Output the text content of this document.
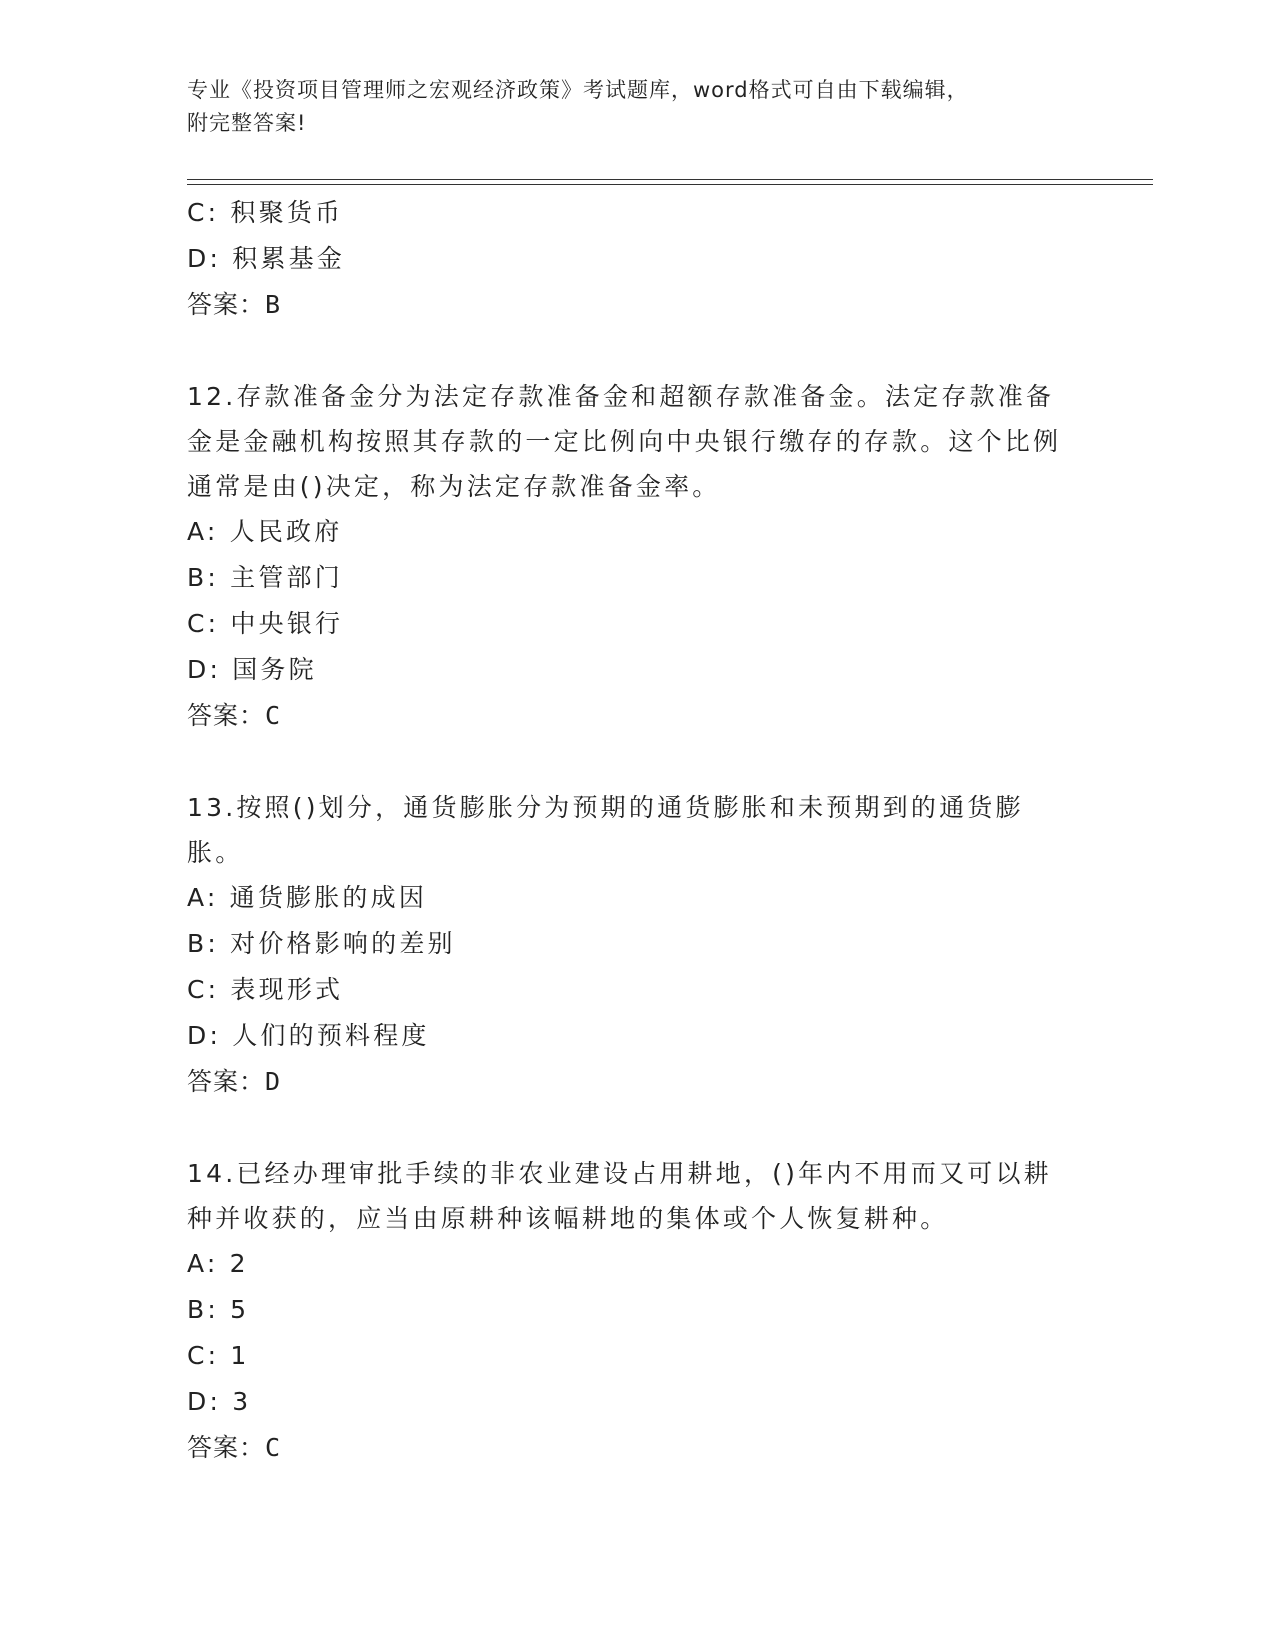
专业《投资项目管理师之宏观经济政策》考试题库，word格式可自由下载编辑，
附完整答案!
C: 积聚货币
D: 积累基金
答案：B
12.存款准备金分为法定存款准备金和超额存款准备金。法定存款准备金是金融机构按照其存款的一定比例向中央银行缴存的存款。这个比例通常是由()决定，称为法定存款准备金率。
A: 人民政府
B: 主管部门
C: 中央银行
D: 国务院
答案：C
13.按照()划分，通货膨胀分为预期的通货膨胀和未预期到的通货膨胀。
A: 通货膨胀的成因
B: 对价格影响的差别
C: 表现形式
D: 人们的预料程度
答案：D
14.已经办理审批手续的非农业建设占用耕地，()年内不用而又可以耕种并收获的，应当由原耕种该幅耕地的集体或个人恢复耕种。
A: 2
B: 5
C: 1
D: 3
答案：C
